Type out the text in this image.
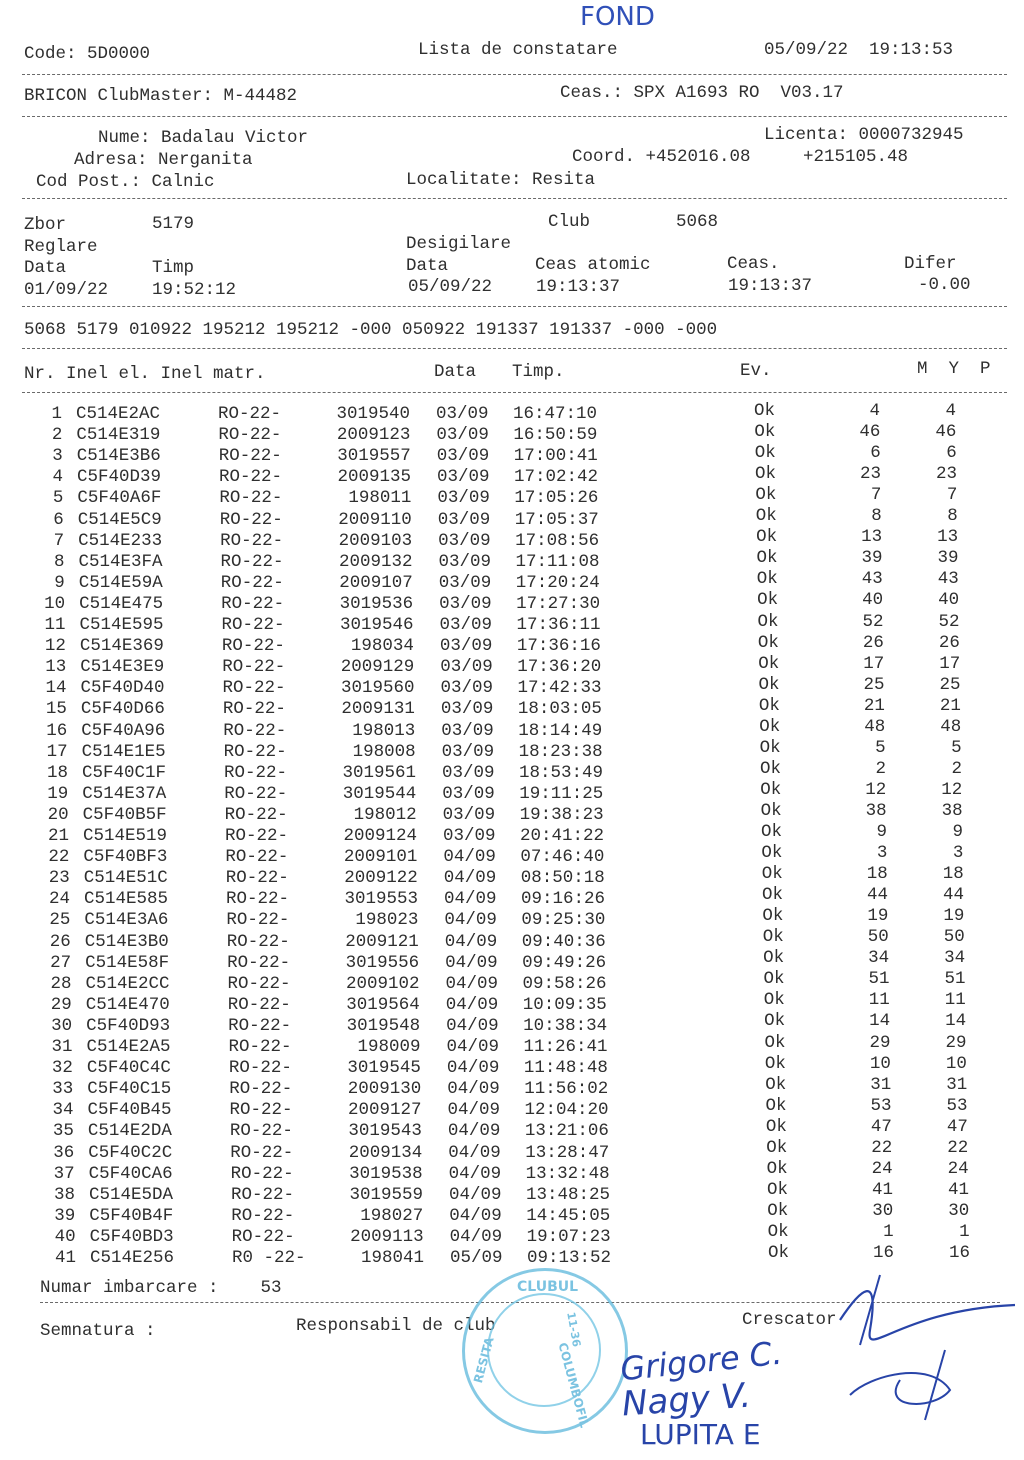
FOND
Code: 5D0000	Lista de constatare	05/09/22  19:13:53
BRICON ClubMaster: M-44482	Ceas.: SPX A1693 RO  V03.17
Nume: Badalau Victor	Licenta: 0000732945
Adresa: Nerganita	Coord. +452016.08     +215105.48
Cod Post.: Calnic	Localitate: Resita
Zbor	5179	Club	5068
Reglare	Desigilare
Data	Timp	Data	Ceas atomic	Ceas.	Difer
01/09/22	19:52:12	05/09/22	19:13:37	19:13:37	-0.00
5068 5179 010922 195212 195212 -000 050922 191337 191337 -000 -000
Nr. Inel el. Inel matr.	Data Timp.	Ev.	M  Y  P
1 C514E2AC	RO-22-	3019540 03/09 16:47:10	Ok	4	4
2 C514E319	RO-22-	2009123 03/09 16:50:59	Ok	46	46
3 C514E3B6	RO-22-	3019557 03/09 17:00:41	Ok	6	6
4 C5F40D39	RO-22-	2009135 03/09 17:02:42	Ok	23	23
5 C5F40A6F	RO-22-	198011 03/09 17:05:26	Ok	7	7
6 C514E5C9	RO-22-	2009110 03/09 17:05:37	Ok	8	8
7 C514E233	RO-22-	2009103 03/09 17:08:56	Ok	13	13
8 C514E3FA	RO-22-	2009132 03/09 17:11:08	Ok	39	39
9 C514E59A	RO-22-	2009107 03/09 17:20:24	Ok	43	43
10 C514E475	RO-22-	3019536 03/09 17:27:30	Ok	40	40
11 C514E595	RO-22-	3019546 03/09 17:36:11	Ok	52	52
12 C514E369	RO-22-	198034 03/09 17:36:16	Ok	26	26
13 C514E3E9	RO-22-	2009129 03/09 17:36:20	Ok	17	17
14 C5F40D40	RO-22-	3019560 03/09 17:42:33	Ok	25	25
15 C5F40D66	RO-22-	2009131 03/09 18:03:05	Ok	21	21
16 C5F40A96	RO-22-	198013 03/09 18:14:49	Ok	48	48
17 C514E1E5	RO-22-	198008 03/09 18:23:38	Ok	5	5
18 C5F40C1F	RO-22-	3019561 03/09 18:53:49	Ok	2	2
19 C514E37A	RO-22-	3019544 03/09 19:11:25	Ok	12	12
20 C5F40B5F	RO-22-	198012 03/09 19:38:23	Ok	38	38
21 C514E519	RO-22-	2009124 03/09 20:41:22	Ok	9	9
22 C5F40BF3	RO-22-	2009101 04/09 07:46:40	Ok	3	3
23 C514E51C	RO-22-	2009122 04/09 08:50:18	Ok	18	18
24 C514E585	RO-22-	3019553 04/09 09:16:26	Ok	44	44
25 C514E3A6	RO-22-	198023 04/09 09:25:30	Ok	19	19
26 C514E3B0	RO-22-	2009121 04/09 09:40:36	Ok	50	50
27 C514E58F	RO-22-	3019556 04/09 09:49:26	Ok	34	34
28 C514E2CC	RO-22-	2009102 04/09 09:58:26	Ok	51	51
29 C514E470	RO-22-	3019564 04/09 10:09:35	Ok	11	11
30 C5F40D93	RO-22-	3019548 04/09 10:38:34	Ok	14	14
31 C514E2A5	RO-22-	198009 04/09 11:26:41	Ok	29	29
32 C5F40C4C	RO-22-	3019545 04/09 11:48:48	Ok	10	10
33 C5F40C15	RO-22-	2009130 04/09 11:56:02	Ok	31	31
34 C5F40B45	RO-22-	2009127 04/09 12:04:20	Ok	53	53
35 C514E2DA	RO-22-	3019543 04/09 13:21:06	Ok	47	47
36 C5F40C2C	RO-22-	2009134 04/09 13:28:47	Ok	22	22
37 C5F40CA6	RO-22-	3019538 04/09 13:32:48	Ok	24	24
38 C514E5DA	RO-22-	3019559 04/09 13:48:25	Ok	41	41
39 C5F40B4F	RO-22-	198027 04/09 14:45:05	Ok	30	30
40 C5F40BD3	RO-22-	2009113 04/09 19:07:23	Ok	1	1
41 C514E256	R0 -22-	198041 05/09 09:13:52	Ok	16	16
Numar imbarcare :    53
Semnatura :	Responsabil de club	Crescator
CLUBUL
COLUMBOFIL
RESITA
11-36
Grigore C.
Nagy V.
LUPITA E
